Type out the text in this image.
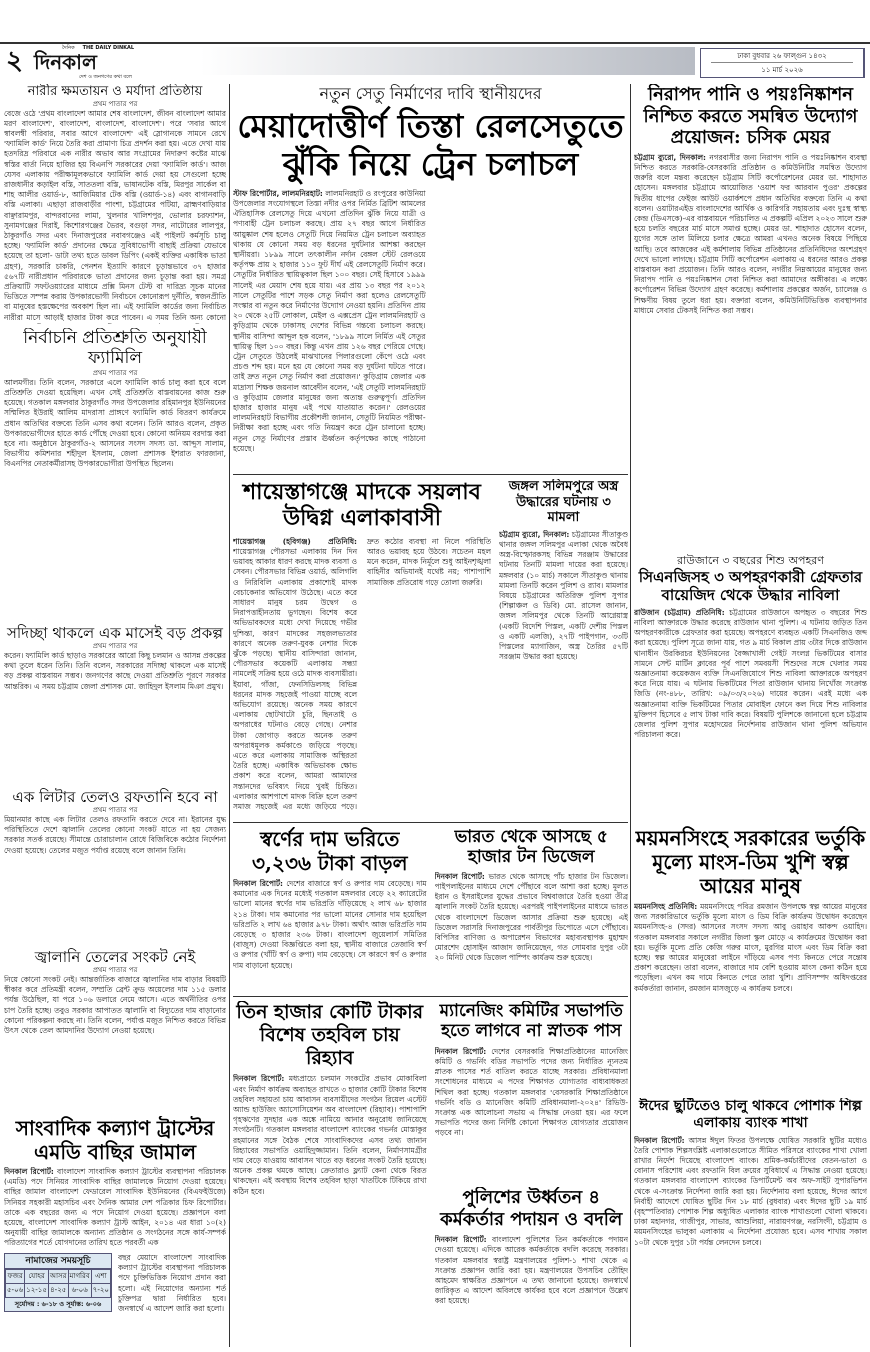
২	দৈনিক THE DAILY DINKAL
দিনকাল
দেশ ও জনগণের কথা বলে
ঢাকা বুধবার ২৬ ফাল্গুন ১৪৩২
১১ মার্চ ২০২৬
নারীর ক্ষমতায়ন ও মর্যাদা প্রতিষ্ঠায়
প্রথম পাতার পর
বেজে ওঠে 'প্রথম বাংলাদেশ আমার শেষ বাংলাদেশ, জীবন বাংলাদেশ আমার মরণ বাংলাদেশ', বাংলাদেশ, বাংলাদেশ, বাংলাদেশ'। পরে 'সবার আগে স্বাবলম্বী পরিবার, সবার আগে বাংলাদেশ' এই স্লোগানকে সামনে রেখে 'ফ্যামিলি কার্ড' নিয়ে তৈরি করা প্রামাণ্য চিত্র প্রদর্শন করা হয়। এতে দেখা যায় হতদরিদ্র পরিবারে এক নারীর অভাব আর সংগ্রামের নিদারুণ কষ্টের মাঝে স্বস্তির বার্তা নিয়ে হাজির হয় বিএনপি সরকারের দেয়া 'ফ্যামিলি কার্ড'। আজ যেসব এলাকায় পরীক্ষামূলকভাবে ফ্যামিলি কার্ড দেয়া হয় সেগুলো হচ্ছে রাজধানীর কড়াইল বস্তি, সাততলা বস্তি, ভাষানটেক বস্তি, মিরপুর সার্কেল বা শাহ আলীর ওয়ার্ড-৮, আজিমিয়ার টেক বস্তি (ওয়ার্ড-১৪) এবং বাগানবাড়ি বস্তি এলাকা। এছাড়া রাজবাড়ীর পাংশা, চট্টগ্রামের পটিয়া, ব্রাহ্মণবাড়িয়ার বাঞ্ছারামপুর, বান্দরবানের লামা, খুলনার খালিশপুর, ভোলার চরফ্যাশন, সুনামগঞ্জের দিরাই, কিশোরগঞ্জের ভৈরব, বগুড়া সদর, নাটোরের লালপুর, ঠাকুরগাঁও সদর এবং দিনাজপুরের নবাবগঞ্জেও এই পাইলট কর্মসূচি চালু হচ্ছে। 'ফ্যামিলি কার্ড' প্রদানের ক্ষেত্রে সুবিধাভোগী বাছাই প্রক্রিয়া যেভাবে হয়েছে তা হলো- ডাটা তথ্য হতে ডাবল ডিপিং (একই ব্যক্তির একাধিক ভাতা গ্রহণ), সরকারি চাকরি, পেনশন ইত্যাদি কারণে চূড়ান্তভাবে ৩৭ হাজার ৫৬৭টি নারীপ্রধান পরিবারকে ভাতা প্রদানের জন্য চূড়ান্ত করা হয়। সমগ্র প্রক্রিয়াটি সফটওয়্যারের মাধ্যমে প্রক্সি মিনস টেস্ট বা দারিদ্র্য সূচক মানের ভিত্তিতে সম্পন্ন করায় উপকারভোগী নির্বাচনে কোনোরূপ দুর্নীতি, স্বজনপ্রীতি বা মানুষের হস্তক্ষেপের অবকাশ ছিল না। এই ফ্যামিলি কার্ডের জন্য নির্বাচিত নারীরা মাসে আড়াই হাজার টাকা করে পাবেন। এ সময় তিনি অন্য কোনো
নির্বাচনি প্রতিশ্রুতি অনুযায়ী ফ্যামিলি
প্রথম পাতার পর
আলমগীর। তিনি বলেন, সরকারে এলে ফ্যামিলি কার্ড চালু করা হবে বলে প্রতিশ্রুতি দেওয়া হয়েছিল। এখন সেই প্রতিশ্রুতি বাস্তবায়নের কাজ শুরু হয়েছে। গতকাল মঙ্গলবার ঠাকুরগাঁও সদর উপজেলার রহিমানপুর ইউনিয়নের সম্মিলিত ইউরাই আলিম মাদরাসা প্রাঙ্গণে ফ্যামিলি কার্ড বিতরণ কার্যক্রমে প্রধান অতিথির বক্তব্যে তিনি এসব কথা বলেন। তিনি আরও বলেন, প্রকৃত উপকারভোগীদের হাতে কার্ড পৌঁছে দেওয়া হবে। কোনো অনিয়ম বরদাস্ত করা হবে না। অনুষ্ঠানে ঠাকুরগাঁও-২ আসনের সংসদ সদস্য ডা. আব্দুস সালাম, বিভাগীয় কমিশনার শহীদুল ইসলাম, জেলা প্রশাসক ইশরাত ফারজানা, বিএনপির নেতাকর্মীরাসহ উপকারভোগীরা উপস্থিত ছিলেন।
সদিচ্ছা থাকলে এক মাসেই বড় প্রকল্প
প্রথম পাতার পর
করেন। ফ্যামিলি কার্ড ছাড়াও সরকারের আরো কিছু চলমান ও আসন্ন প্রকল্পের কথা তুলে ধরেন তিনি। তিনি বলেন, সরকারের সদিচ্ছা থাকলে এক মাসেই বড় প্রকল্প বাস্তবায়ন সম্ভব। জনগণের কাছে দেওয়া প্রতিশ্রুতি পূরণে সরকার আন্তরিক। এ সময় চট্টগ্রাম জেলা প্রশাসক মো. জাহিদুল ইসলাম মিঞা প্রমুখ।
এক লিটার তেলও রফতানি হবে না
প্রথম পাতার পর
মিয়ানমার কাছে এক লিটার তেলও রফতানি করতে দেবে না। ইরানের যুদ্ধ পরিস্থিতিতে দেশে জ্বালানি তেলের কোনো সংকট যাতে না হয় সেজন্য সরকার সতর্ক রয়েছে। সীমান্তে চোরাচালান রোধে বিজিবিকে কঠোর নির্দেশনা দেওয়া হয়েছে। তেলের মজুত পর্যাপ্ত রয়েছে বলে জানান তিনি।
জ্বালানি তেলের সংকট নেই
প্রথম পাতার পর
নিয়ে কোনো সংকট নেই। আন্তর্জাতিক বাজারে জ্বালানির দাম বাড়ার বিষয়টি স্বীকার করে প্রতিমন্ত্রী বলেন, সম্প্রতি ব্রেন্ট ক্রুড অয়েলের দাম ১১৫ ডলার পর্যন্ত উঠেছিল, যা পরে ১০৬ ডলারে নেমে আসে। এতে অর্থনীতির ওপর চাপ তৈরি হচ্ছে। তবুও সরকার আপাতত জ্বালানি বা বিদ্যুতের দাম বাড়ানোর কোনো পরিকল্পনা করছে না। তিনি বলেন, পর্যাপ্ত মজুত নিশ্চিত করতে বিভিন্ন উৎস থেকে তেল আমদানির উদ্যোগ নেওয়া হয়েছে।
সাংবাদিক কল্যাণ ট্রাস্টের এমডি বাছির জামাল
দিনকাল রিপোর্ট: বাংলাদেশ সাংবাদিক কল্যাণ ট্রাস্টের ব্যবস্থাপনা পরিচালক (এমডি) পদে সিনিয়র সাংবাদিক বাছির জামালকে নিয়োগ দেওয়া হয়েছে। বাছির জামাল বাংলাদেশ ফেডারেল সাংবাদিক ইউনিয়নের (বিএফইউজে) সিনিয়র সহকারী মহাসচিব এবং দৈনিক আমার দেশ পত্রিকার চিফ রিপোর্টার। তাকে এক বছরের জন্য এ পদে নিয়োগ দেওয়া হয়েছে। প্রজ্ঞাপনে বলা হয়েছে, বাংলাদেশ সাংবাদিক কল্যাণ ট্রাস্ট আইন, ২০১৪ এর ধারা ১০(২) অনুযায়ী বাছির জামালকে অন্যান্য প্রতিষ্ঠান ও সংগঠনের সঙ্গে কার্য-সম্পর্ক পরিত্যাগের শর্তে যোগদানের তারিখ হতে পরবর্তী এক
নামাজের সময়সূচি
ফজর	যোহর	আসর	মাগরিব	এশা
৫-০৬	১২-১৫	৪-২৫	৬-০৬	৭-২০
সূর্যোদয় : ৬-১৮ ও সূর্যাস্ত: ৬-০৬
বছর মেয়াদে বাংলাদেশ সাংবাদিক কল্যাণ ট্রাস্টের ব্যবস্থাপনা পরিচালক পদে চুক্তিভিত্তিক নিয়োগ প্রদান করা হলো। এই নিয়োগের অন্যান্য শর্ত চুক্তিপত্র দ্বারা নির্ধারিত হবে। জনস্বার্থে এ আদেশ জারি করা হলো।
নতুন সেতু নির্মাণের দাবি স্থানীয়দের
মেয়াদোত্তীর্ণ তিস্তা রেলসেতুতে ঝুঁকি নিয়ে ট্রেন চলাচল
স্টাফ রিপোর্টার, লালমনিরহাট: লালমনিরহাট ও রংপুরের কাউনিয়া উপজেলার সংযোগস্থলে তিস্তা নদীর ওপর নির্মিত ব্রিটিশ আমলের ঐতিহাসিক রেলসেতু দিয়ে এখনো প্রতিদিন ঝুঁকি নিয়ে যাত্রী ও পণ্যবাহী ট্রেন চলাচল করছে। প্রায় ২৭ বছর আগে নির্ধারিত আয়ুষ্কাল শেষ হলেও সেতুটি দিয়ে নিয়মিত ট্রেন চলাচল অব্যাহত থাকায় যে কোনো সময় বড় ধরনের দুর্ঘটনার আশঙ্কা করছেন স্থানীয়রা। ১৮৯৯ সালে তৎকালীন নর্দান বেঙ্গল স্টেট রেলওয়ে কর্তৃপক্ষ প্রায় ২ হাজার ১১০ ফুট দীর্ঘ এই রেলসেতুটি নির্মাণ করে। সেতুটির নির্ধারিত স্থায়িত্বকাল ছিল ১০০ বছর। সেই হিসাবে ১৯৯৯ সালেই এর মেয়াদ শেষ হয়ে যায়। এর প্রায় ১৩ বছর পর ২০১২ সালে সেতুটির পাশে সড়ক সেতু নির্মাণ করা হলেও রেলসেতুটি সংস্কার বা নতুন করে নির্মাণের উদ্যোগ নেওয়া হয়নি। প্রতিদিন প্রায় ২০ থেকে ২৫টি লোকাল, মেইল ও এক্সপ্রেস ট্রেন লালমনিরহাট ও কুড়িগ্রাম থেকে ঢাকাসহ দেশের বিভিন্ন গন্তব্যে চলাচল করছে। স্থানীয় বাসিন্দা আব্দুল হক বলেন, '১৮৯৯ সালে নির্মিত এই সেতুর স্থায়িত্ব ছিল ১০০ বছর। কিন্তু এখন প্রায় ১২৬ বছর পেরিয়ে গেছে। ট্রেন সেতুতে উঠলেই মাঝখানের পিলারগুলো কেঁপে ওঠে এবং প্রচণ্ড শব্দ হয়। মনে হয় যে কোনো সময় বড় দুর্ঘটনা ঘটতে পারে। তাই দ্রুত নতুন সেতু নির্মাণ করা প্রয়োজন।' কুড়িগ্রাম জেলার এক মাদ্রাসা শিক্ষক জয়নাল আবেদীন বলেন, 'এই সেতুটি লালমনিরহাট ও কুড়িগ্রাম জেলার মানুষের জন্য অত্যন্ত গুরুত্বপূর্ণ। প্রতিদিন হাজার হাজার মানুষ এই পথে যাতায়াত করেন।' রেলওয়ের লালমনিরহাট বিভাগীয় প্রকৌশলী জানান, সেতুটি নিয়মিত পরীক্ষা-নিরীক্ষা করা হচ্ছে এবং গতি নিয়ন্ত্রণ করে ট্রেন চালানো হচ্ছে। নতুন সেতু নির্মাণের প্রস্তাব ঊর্ধ্বতন কর্তৃপক্ষের কাছে পাঠানো হয়েছে।
শায়েস্তাগঞ্জে মাদকে সয়লাব উদ্বিগ্ন এলাকাবাসী
শায়েস্তাগঞ্জ (হবিগঞ্জ) প্রতিনিধি: শায়েস্তাগঞ্জ পৌরসভা এলাকায় দিন দিন ভয়াবহ আকার ধারণ করছে মাদক ব্যবসা ও সেবন। পৌরসভার বিভিন্ন ওয়ার্ড, অলিগলি ও নিরিবিলি এলাকায় প্রকাশ্যেই মাদক বেচাকেনার অভিযোগ উঠেছে। এতে করে সাধারণ মানুষ চরম উদ্বেগ ও নিরাপত্তাহীনতায় ভুগছেন। বিশেষ করে অভিভাবকদের মধ্যে দেখা দিয়েছে গভীর দুশ্চিন্তা, কারণ মাদকের সহজলভ্যতার কারণে অনেক তরুণ-যুবক নেশার দিকে ঝুঁকে পড়ছে। স্থানীয় বাসিন্দারা জানান, পৌরসভার কয়েকটি এলাকায় সন্ধ্যা নামলেই সক্রিয় হয়ে ওঠে মাদক ব্যবসায়ীরা। ইয়াবা, গাঁজা, ফেনসিডিলসহ বিভিন্ন ধরনের মাদক সহজেই পাওয়া যাচ্ছে বলে অভিযোগ রয়েছে। অনেক সময় কারণে এলাকায় ছোটখাটো চুরি, ছিনতাই ও অপরাধের ঘটনাও বেড়ে গেছে। নেশার টাকা জোগাড় করতে অনেক তরুণ অপরাধমূলক কর্মকাণ্ডে জড়িয়ে পড়ছে। এতে করে এলাকায় সামাজিক অস্থিরতা তৈরি হচ্ছে। একাধিক অভিভাবক ক্ষোভ প্রকাশ করে বলেন, আমরা আমাদের সন্তানদের ভবিষ্যৎ নিয়ে খুবই চিন্তিত। এলাকার আশপাশে মাদক বিক্রি হলে তরুণ সমাজ সহজেই এর মধ্যে জড়িয়ে পড়ে। দ্রুত কঠোর ব্যবস্থা না নিলে পরিস্থিতি আরও ভয়াবহ হয়ে উঠবে। সচেতন মহল মনে করেন, মাদক নির্মূলে শুধু আইনশৃঙ্খলা বাহিনীর অভিযানই যথেষ্ট নয়; পাশাপাশি সামাজিক প্রতিরোধ গড়ে তোলা জরুরি।
জঙ্গল সলিমপুরে অস্ত্র উদ্ধারের ঘটনায় ৩ মামলা
চট্টগ্রাম ব্যুরো, দিনকাল: চট্টগ্রামের সীতাকুণ্ড থানার জঙ্গল সলিমপুর এলাকা থেকে অবৈধ অস্ত্র-বিস্ফোরকসহ বিভিন্ন সরঞ্জাম উদ্ধারের ঘটনায় তিনটি মামলা দায়ের করা হয়েছে। মঙ্গলবার (১০ মার্চ) সকালে সীতাকুণ্ড থানায় মামলা তিনটি করেন পুলিশ ও র‍্যাব। মামলার বিষয়ে চট্টগ্রামের অতিরিক্ত পুলিশ সুপার (শিল্পাঞ্চল ও ডিবি) মো. রাসেল জানান, জঙ্গল সলিমপুর থেকে তিনটি আগ্নেয়াস্ত্র (একটি বিদেশি পিস্তল, একটি দেশীয় পিস্তল ও একটি এলজি), ২৭টি পাইপগান, ৩৩টি পিস্তলের ম্যাগাজিন, অস্ত্র তৈরির ৫৭টি সরঞ্জাম উদ্ধার করা হয়েছে।
স্বর্ণের দাম ভরিতে ৩,২৩৬ টাকা বাড়ল
দিনকাল রিপোর্ট: দেশের বাজারে স্বর্ণ ও রুপার দাম বেড়েছে। দাম কমানোর এক দিনের মধ্যেই গতকাল মঙ্গলবার বেড়ে ২২ ক্যারেটের ভালো মানের স্বর্ণের দাম ভরিপ্রতি দাঁড়িয়েছে ২ লাখ ৬৮ হাজার ২১৪ টাকা। দাম কমানোর পর ভালো মানের সোনার দাম হয়েছিল ভরিপ্রতি ২ লাখ ৬৪ হাজার ৯৭৮ টাকা। অর্থাৎ আজ ভরিপ্রতি দাম বেড়েছে ৩ হাজার ২৩৬ টাকা। বাংলাদেশ জুয়েলার্স সমিতির (বাজুস) দেওয়া বিজ্ঞপ্তিতে বলা হয়, স্থানীয় বাজারে তেজাবি স্বর্ণ ও রুপার (খাঁটি স্বর্ণ ও রুপা) দাম বেড়েছে। সে কারণে স্বর্ণ ও রুপার দাম বাড়ানো হয়েছে।
ভারত থেকে আসছে ৫ হাজার টন ডিজেল
দিনকাল রিপোর্ট: ভারত থেকে আসছে পাঁচ হাজার টন ডিজেল। পাইপলাইনের মাধ্যমে দেশে পৌঁছাবে বলে আশা করা হচ্ছে। মূলত ইরান ও ইসরাইলের যুদ্ধের প্রভাবে বিশ্ববাজারে তৈরি হওয়া তীব্র জ্বালানি সংকট তৈরি হয়েছে। এরপরই পাইপলাইনের মাধ্যমে ভারত থেকে বাংলাদেশে ডিজেল আসার প্রক্রিয়া শুরু হয়েছে। এই ডিজেল সরাসরি দিনাজপুরের পার্বতীপুর ডিপোতে এসে পৌঁছাবে। বিপিসির বাণিজ্য ও অপারেশন বিভাগের মহাব্যবস্থাপক মুহাম্মদ মোরশেদ হোসাইন আজাদ জানিয়েছেন, গত সোমবার দুপুর ৩টা ২০ মিনিট থেকে ডিজেল পাম্পিং কার্যক্রম শুরু হয়েছে।
তিন হাজার কোটি টাকার বিশেষ তহবিল চায় রিহ্যাব
দিনকাল রিপোর্ট: মধ্যপ্রাচ্যে চলমান সংকটের প্রভাব মোকাবিলা এবং নির্মাণ কার্যক্রম অব্যাহত রাখতে ৩ হাজার কোটি টাকার বিশেষ তহবিল সহায়তা চায় আবাসন ব্যবসায়ীদের সংগঠন রিয়েল এস্টেট অ্যান্ড হাউজিং অ্যাসোসিয়েশন অব বাংলাদেশ (রিহ্যাব)। পাশাপাশি গৃহঋণের সুদহার এক অঙ্কে নামিয়ে আনার অনুরোধ জানিয়েছে সংগঠনটি। গতকাল মঙ্গলবার বাংলাদেশ ব্যাংকের গভর্নর মোস্তাকুর রহমানের সঙ্গে বৈঠক শেষে সাংবাদিকদের এসব তথ্য জানান রিহ্যাবের সভাপতি ওয়াহিদুজ্জামান। তিনি বলেন, নির্মাণসামগ্রীর দাম বেড়ে যাওয়ায় আবাসন খাতে বড় ধরনের সংকট তৈরি হয়েছে। অনেক প্রকল্প থমকে আছে। ক্রেতারাও ফ্ল্যাট কেনা থেকে বিরত থাকছেন। এই অবস্থায় বিশেষ তহবিল ছাড়া খাতটিকে টিকিয়ে রাখা কঠিন হবে।
ম্যানেজিং কমিটির সভাপতি হতে লাগবে না স্নাতক পাস
দিনকাল রিপোর্ট: দেশের বেসরকারি শিক্ষাপ্রতিষ্ঠানের ম্যানেজিং কমিটি ও গভর্নিং বডির সভাপতি পদের জন্য নির্ধারিত ন্যূনতম স্নাতক পাসের শর্ত বাতিল করতে যাচ্ছে সরকার। প্রবিধানমালা সংশোধনের মাধ্যমে এ পদের শিক্ষাগত যোগ্যতার বাধ্যবাধকতা শিথিল করা হচ্ছে। গতকাল মঙ্গলবার 'বেসরকারি শিক্ষাপ্রতিষ্ঠানে গভর্নিং বডি ও ম্যানেজিং কমিটি প্রবিধানমালা-২০২৪' রিভিউ-সংক্রান্ত এক আলোচনা সভায় এ সিদ্ধান্ত নেওয়া হয়। এর ফলে সভাপতি পদের জন্য নির্দিষ্ট কোনো শিক্ষাগত যোগ্যতার প্রয়োজন পড়বে না।
পুলিশের উর্ধ্বতন ৪ কর্মকর্তার পদায়ন ও বদলি
দিনকাল রিপোর্ট: বাংলাদেশ পুলিশের তিন কর্মকর্তাকে পদায়ন দেওয়া হয়েছে। এদিকে আরেক কর্মকর্তাকে বদলি করেছে সরকার। গতকাল মঙ্গলবার স্বরাষ্ট্র মন্ত্রণালয়ের পুলিশ-১ শাখা থেকে এ সংক্রান্ত প্রজ্ঞাপন জারি করা হয়। মন্ত্রণালয়ের উপসচিব তৌহিদ আহমেদ স্বাক্ষরিত প্রজ্ঞাপনে এ তথ্য জানানো হয়েছে। জনস্বার্থে জারিকৃত এ আদেশ অবিলম্বে কার্যকর হবে বলে প্রজ্ঞাপনে উল্লেখ করা হয়েছে।
নিরাপদ পানি ও পয়ঃনিষ্কাশন নিশ্চিত করতে সমন্বিত উদ্যোগ প্রয়োজন: চসিক মেয়র
চট্টগ্রাম ব্যুরো, দিনকাল: নগরবাসীর জন্য নিরাপদ পানি ও পয়ঃনিষ্কাশন ব্যবস্থা নিশ্চিত করতে সরকারি-বেসরকারি প্রতিষ্ঠান ও কমিউনিটির সমন্বিত উদ্যোগ জরুরি বলে মন্তব্য করেছেন চট্টগ্রাম সিটি কর্পোরেশনের মেয়র ডা. শাহাদাত হোসেন। মঙ্গলবার চট্টগ্রামে আয়োজিত 'ওয়াশ ফর আরবান পুওর' প্রকল্পের দ্বিতীয় ধাপের ফেইজ আউট ওয়ার্কশপে প্রধান অতিথির বক্তব্যে তিনি এ কথা বলেন। ওয়াটারএইড বাংলাদেশের আর্থিক ও কারিগরি সহায়তায় এবং দুঃস্থ স্বাস্থ্য কেন্দ্র (ডিএসকে)-এর বাস্তবায়নে পরিচালিত এ প্রকল্পটি এপ্রিল ২০২৩ সালে শুরু হয়ে চলতি বছরের মার্চ মাসে সমাপ্ত হচ্ছে। মেয়র ডা. শাহাদাত হোসেন বলেন, যুগের সঙ্গে তাল মিলিয়ে চলার ক্ষেত্রে আমরা এখনও অনেক বিষয়ে পিছিয়ে আছি। তবে আজকের এই কর্মশালায় বিভিন্ন প্রতিষ্ঠানের প্রতিনিধিদের অংশগ্রহণ দেখে ভালো লাগছে। চট্টগ্রাম সিটি কর্পোরেশন এলাকায় এ ধরনের আরও প্রকল্প বাস্তবায়ন করা প্রয়োজন। তিনি আরও বলেন, নগরীর নিম্নআয়ের মানুষের জন্য নিরাপদ পানি ও পয়ঃনিষ্কাশন সেবা নিশ্চিত করা আমাদের অঙ্গীকার। এ লক্ষ্যে কর্পোরেশন বিভিন্ন উদ্যোগ গ্রহণ করেছে। কর্মশালায় প্রকল্পের অর্জন, চ্যালেঞ্জ ও শিক্ষণীয় বিষয় তুলে ধরা হয়। বক্তারা বলেন, কমিউনিটিভিত্তিক ব্যবস্থাপনার মাধ্যমে সেবার টেকসই নিশ্চিত করা সম্ভব।
রাউজানে ৩ বছরের শিশু অপহরণ
সিএনজিসহ ৩ অপহরণকারী গ্রেফতার বায়েজিদ থেকে উদ্ধার নাবিলা
রাউজান (চট্টগ্রাম) প্রতিনিধি: চট্টগ্রামের রাউজানে অপহৃত ৩ বছরের শিশু নাবিলা আক্তারকে উদ্ধার করেছে রাউজান থানা পুলিশ। এ ঘটনায় জড়িত তিন অপহরণকারীকে গ্রেফতার করা হয়েছে। অপহরণে ব্যবহৃত একটি সিএনজিও জব্দ করা হয়েছে। পুলিশ সূত্রে জানা যায়, গত ৯ মার্চ বিকাল প্রায় ৩টার দিকে রাউজান থানাধীন উরকিরচর ইউনিয়নের বৈজ্জাখালী গেইট সংলগ্ন ভিকটিমের বাসার সামনে সেন্ট মার্টিন ক্লাবের পূর্ব পাশে সমবয়সী শিশুদের সঙ্গে খেলার সময় অজ্ঞাতনামা কয়েকজন ব্যক্তি সিএনজিযোগে শিশু নাবিলা আক্তারকে অপহরণ করে নিয়ে যায়। এ ঘটনায় ভিকটিমের পিতা রাউজান থানায় নিখোঁজ সংক্রান্ত জিডি (নং-৪৮৮, তারিখ: ০৯/০৩/২০২৬) দায়ের করেন। এরই মধ্যে এক অজ্ঞাতনামা ব্যক্তি ভিকটিমের পিতার মোবাইল ফোনে কল দিয়ে শিশু নাবিলার মুক্তিপণ হিসেবে ৫ লাখ টাকা দাবি করে। বিষয়টি পুলিশকে জানানো হলে চট্টগ্রাম জেলার পুলিশ সুপার মহোদয়ের নির্দেশনায় রাউজান থানা পুলিশ অভিযান পরিচালনা করে।
ময়মনসিংহে সরকারের ভর্তুকি মূল্যে মাংস-ডিম খুশি স্বল্প আয়ের মানুষ
ময়মনসিংহ প্রতিনিধি: ময়মনসিংহে পবিত্র রমজান উপলক্ষে স্বল্প আয়ের মানুষের জন্য সরকারিভাবে ভর্তুকি মূল্যে মাংস ও ডিম বিক্রি কার্যক্রম উদ্বোধন করেছেন ময়মনসিংহ-৪ (সদর) আসনের সংসদ সদস্য আবু ওয়াহাব আকন্দ ওয়াহিদ। গতকাল মঙ্গলবার সকালে নগরীর জিলা স্কুল মোড়ে এ কার্যক্রমের উদ্বোধন করা হয়। ভর্তুকি মূল্যে প্রতি কেজি গরুর মাংস, মুরগির মাংস এবং ডিম বিক্রি করা হচ্ছে। স্বল্প আয়ের মানুষেরা লাইনে দাঁড়িয়ে এসব পণ্য কিনতে পেরে সন্তোষ প্রকাশ করেছেন। তারা বলেন, বাজারে দাম বেশি হওয়ায় মাংস কেনা কঠিন হয়ে পড়েছিল। এখন কম দামে কিনতে পেরে তারা খুশি। প্রাণিসম্পদ অধিদপ্তরের কর্মকর্তারা জানান, রমজান মাসজুড়ে এ কার্যক্রম চলবে।
ঈদের ছুটিতেও চালু থাকবে পোশাক শিল্প এলাকায় ব্যাংক শাখা
দিনকাল রিপোর্ট: আসন্ন ঈদুল ফিতর উপলক্ষে ঘোষিত সরকারি ছুটির মধ্যেও তৈরি পোশাক শিল্পসংশ্লিষ্ট এলাকাগুলোতে সীমিত পরিসরে ব্যাংকের শাখা খোলা রাখার নির্দেশ দিয়েছে বাংলাদেশ ব্যাংক। শ্রমিক-কর্মচারীদের বেতন-ভাতা ও বোনাস পরিশোধ এবং রফতানি বিল ক্রয়ের সুবিধার্থে এ সিদ্ধান্ত নেওয়া হয়েছে। গতকাল মঙ্গলবার বাংলাদেশ ব্যাংকের ডিপার্টমেন্ট অব অফ-সাইট সুপারভিশন থেকে এ-সংক্রান্ত নির্দেশনা জারি করা হয়। নির্দেশনায় বলা হয়েছে, ঈদের আগে নির্বাহী আদেশে ঘোষিত ছুটির দিন ১৮ মার্চ (বুধবার) এবং ঈদের ছুটি ১৯ মার্চ (বৃহস্পতিবার) পোশাক শিল্প অধ্যুষিত এলাকার ব্যাংক শাখাগুলো খোলা থাকবে। ঢাকা মহানগর, গাজীপুর, সাভার, আশুলিয়া, নারায়ণগঞ্জ, নরসিংদী, চট্টগ্রাম ও ময়মনসিংহের ভালুকা এলাকায় এ নির্দেশনা প্রযোজ্য হবে। এসব শাখায় সকাল ১০টা থেকে দুপুর ১টা পর্যন্ত লেনদেন চলবে।
